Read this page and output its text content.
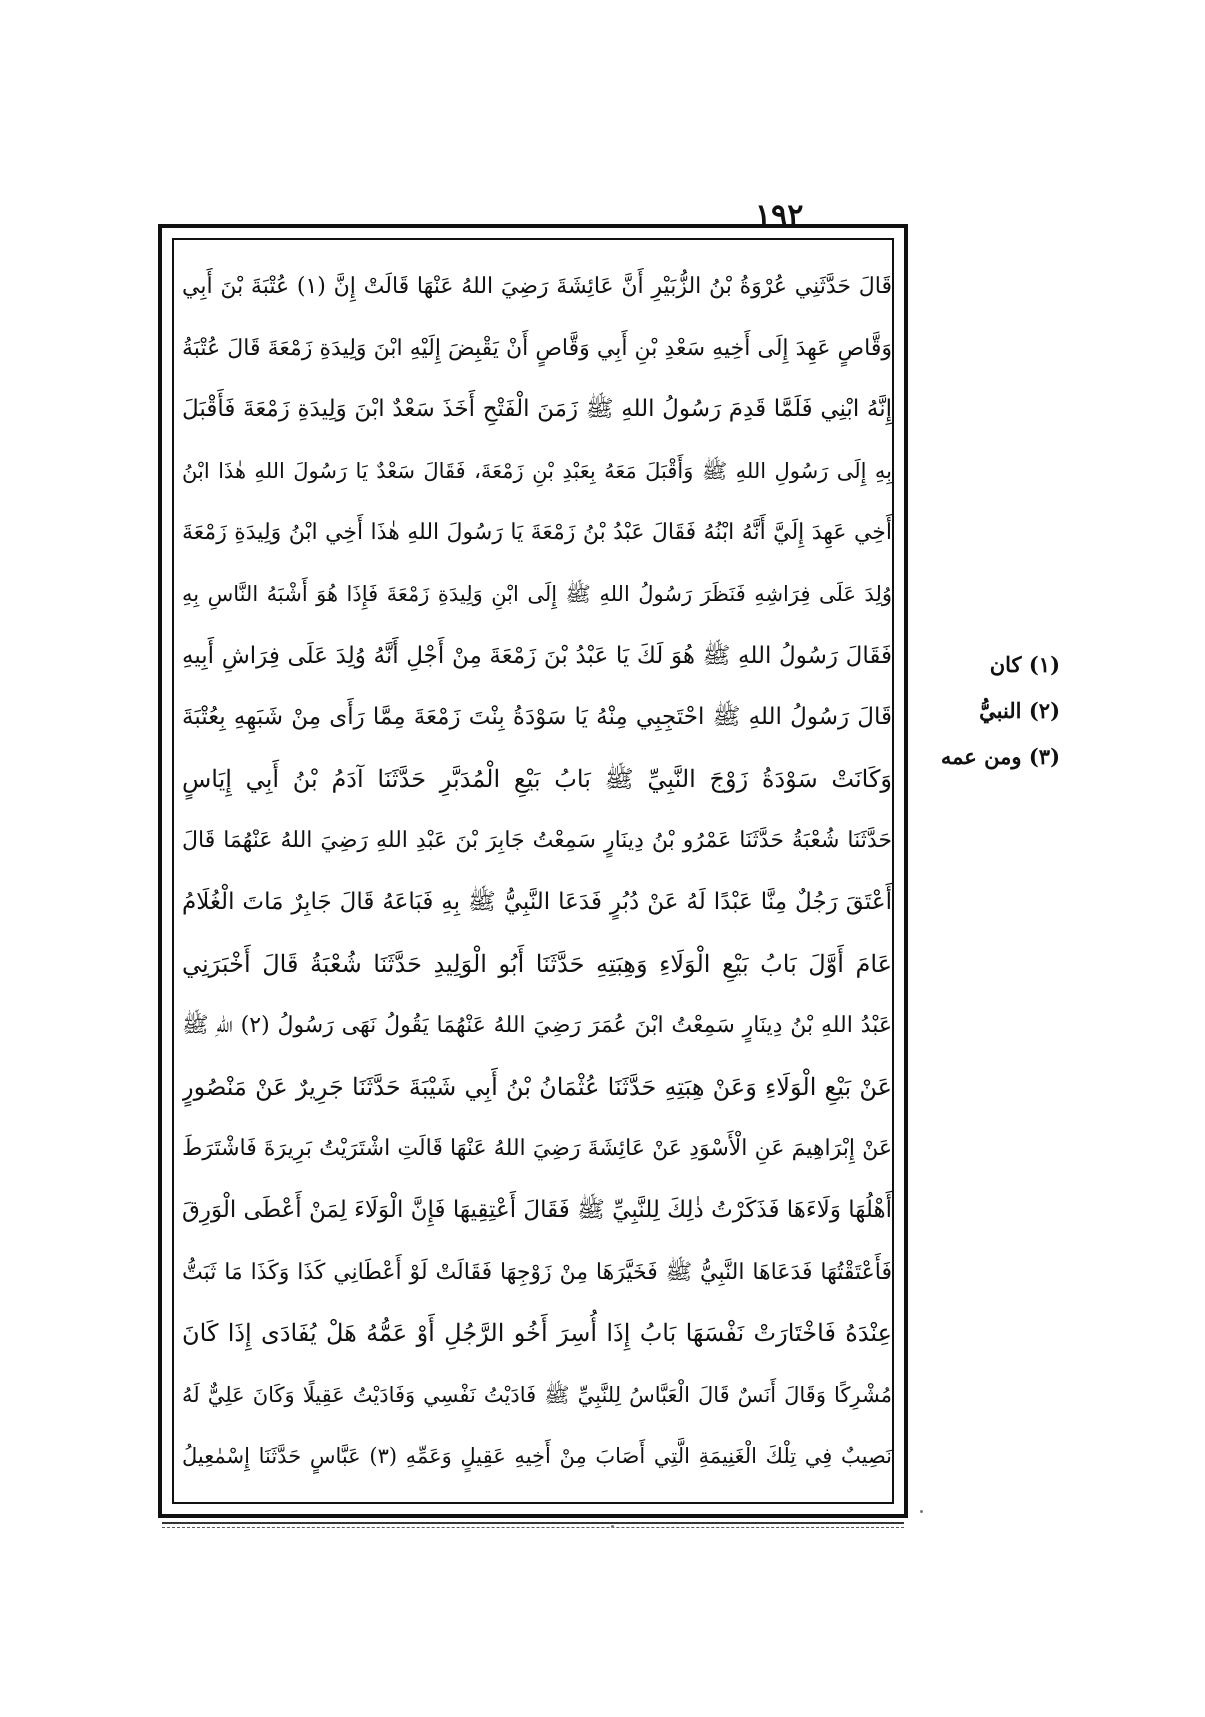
١٩٢
قَالَ حَدَّثَنِي عُرْوَةُ بْنُ الزُّبَيْرِ أَنَّ عَائِشَةَ رَضِيَ اللهُ عَنْهَا قَالَتْ إِنَّ (١) عُتْبَةَ بْنَ أَبِي
وَقَّاصٍ عَهِدَ إِلَى أَخِيهِ سَعْدِ بْنِ أَبِي وَقَّاصٍ أَنْ يَقْبِضَ إِلَيْهِ ابْنَ وَلِيدَةِ زَمْعَةَ قَالَ عُتْبَةُ
إِنَّهُ ابْنِي فَلَمَّا قَدِمَ رَسُولُ اللهِ ﷺ زَمَنَ الْفَتْحِ أَخَذَ سَعْدٌ ابْنَ وَلِيدَةِ زَمْعَةَ فَأَقْبَلَ
بِهِ إِلَى رَسُولِ اللهِ ﷺ وَأَقْبَلَ مَعَهُ بِعَبْدِ بْنِ زَمْعَةَ، فَقَالَ سَعْدٌ يَا رَسُولَ اللهِ هٰذَا ابْنُ
أَخِي عَهِدَ إِلَيَّ أَنَّهُ ابْنُهُ فَقَالَ عَبْدُ بْنُ زَمْعَةَ يَا رَسُولَ اللهِ هٰذَا أَخِي ابْنُ وَلِيدَةِ زَمْعَةَ
وُلِدَ عَلَى فِرَاشِهِ فَنَظَرَ رَسُولُ اللهِ ﷺ إِلَى ابْنِ وَلِيدَةِ زَمْعَةَ فَإِذَا هُوَ أَشْبَهُ النَّاسِ بِهِ
فَقَالَ رَسُولُ اللهِ ﷺ هُوَ لَكَ يَا عَبْدُ بْنَ زَمْعَةَ مِنْ أَجْلِ أَنَّهُ وُلِدَ عَلَى فِرَاشِ أَبِيهِ
قَالَ رَسُولُ اللهِ ﷺ احْتَجِبِي مِنْهُ يَا سَوْدَةُ بِنْتَ زَمْعَةَ مِمَّا رَأَى مِنْ شَبَهِهِ بِعُتْبَةَ
وَكَانَتْ سَوْدَةُ زَوْجَ النَّبِيِّ ﷺ بَابُ بَيْعِ الْمُدَبَّرِ حَدَّثَنَا آدَمُ بْنُ أَبِي إِيَاسٍ
حَدَّثَنَا شُعْبَةُ حَدَّثَنَا عَمْرُو بْنُ دِينَارٍ سَمِعْتُ جَابِرَ بْنَ عَبْدِ اللهِ رَضِيَ اللهُ عَنْهُمَا قَالَ
أَعْتَقَ رَجُلٌ مِنَّا عَبْدًا لَهُ عَنْ دُبُرٍ فَدَعَا النَّبِيُّ ﷺ بِهِ فَبَاعَهُ قَالَ جَابِرٌ مَاتَ الْغُلَامُ
عَامَ أَوَّلَ بَابُ بَيْعِ الْوَلَاءِ وَهِبَتِهِ حَدَّثَنَا أَبُو الْوَلِيدِ حَدَّثَنَا شُعْبَةُ قَالَ أَخْبَرَنِي
عَبْدُ اللهِ بْنُ دِينَارٍ سَمِعْتُ ابْنَ عُمَرَ رَضِيَ اللهُ عَنْهُمَا يَقُولُ نَهَى رَسُولُ (٢) اللهِ ﷺ
عَنْ بَيْعِ الْوَلَاءِ وَعَنْ هِبَتِهِ حَدَّثَنَا عُثْمَانُ بْنُ أَبِي شَيْبَةَ حَدَّثَنَا جَرِيرٌ عَنْ مَنْصُورٍ
عَنْ إِبْرَاهِيمَ عَنِ الْأَسْوَدِ عَنْ عَائِشَةَ رَضِيَ اللهُ عَنْهَا قَالَتِ اشْتَرَيْتُ بَرِيرَةَ فَاشْتَرَطَ
أَهْلُهَا وَلَاءَهَا فَذَكَرْتُ ذٰلِكَ لِلنَّبِيِّ ﷺ فَقَالَ أَعْتِقِيهَا فَإِنَّ الْوَلَاءَ لِمَنْ أَعْطَى الْوَرِقَ
فَأَعْتَقْتُهَا فَدَعَاهَا النَّبِيُّ ﷺ فَخَيَّرَهَا مِنْ زَوْجِهَا فَقَالَتْ لَوْ أَعْطَانِي كَذَا وَكَذَا مَا ثَبَتُّ
عِنْدَهُ فَاخْتَارَتْ نَفْسَهَا بَابُ إِذَا أُسِرَ أَخُو الرَّجُلِ أَوْ عَمُّهُ هَلْ يُفَادَى إِذَا كَانَ
مُشْرِكًا وَقَالَ أَنَسٌ قَالَ الْعَبَّاسُ لِلنَّبِيِّ ﷺ فَادَيْتُ نَفْسِي وَفَادَيْتُ عَقِيلًا وَكَانَ عَلِيٌّ لَهُ
نَصِيبٌ فِي تِلْكَ الْغَنِيمَةِ الَّتِي أَصَابَ مِنْ أَخِيهِ عَقِيلٍ وَعَمِّهِ (٣) عَبَّاسٍ حَدَّثَنَا إِسْمٰعِيلُ
(١) كان
(٢) النبيُّ
(٣) ومن عمه
